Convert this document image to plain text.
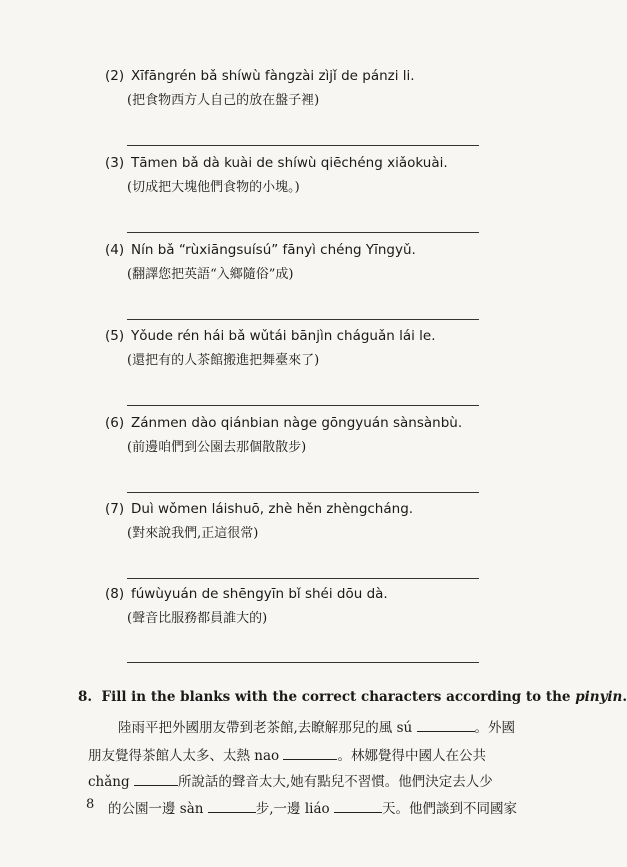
(2) Xīfāngrén bǎ shíwù fàngzài zìjǐ de pánzi li.
(把食物西方人自己的放在盤子裡)
(3) Tāmen bǎ dà kuài de shíwù qiēchéng xiǎokuài.
(切成把大塊他們食物的小塊。)
(4) Nín bǎ “rùxiāngsuísú” fānyì chéng Yīngyǔ.
(翻譯您把英語“入鄉隨俗”成)
(5) Yǒude rén hái bǎ wǔtái bānjìn cháguǎn lái le.
(還把有的人茶館搬進把舞臺來了)
(6) Zánmen dào qiánbian nàge gōngyuán sànsànbù.
(前邊咱們到公園去那個散散步)
(7) Duì wǒmen láishuō, zhè hěn zhèngcháng.
(對來說我們,正這很常)
(8) fúwùyuán de shēngyīn bǐ shéi dōu dà.
(聲音比服務都員誰大的)
8. Fill in the blanks with the correct characters according to the pinyin.
陸雨平把外國朋友帶到老茶館,去瞭解那兒的風 sú	。外國
朋友覺得茶館人太多、太熱 nao	。林娜覺得中國人在公共
chǎng	所說話的聲音太大,她有點兒不習慣。他們決定去人少
的公園一邊 sàn	步,一邊 liáo	天。他們談到不同國家
8
